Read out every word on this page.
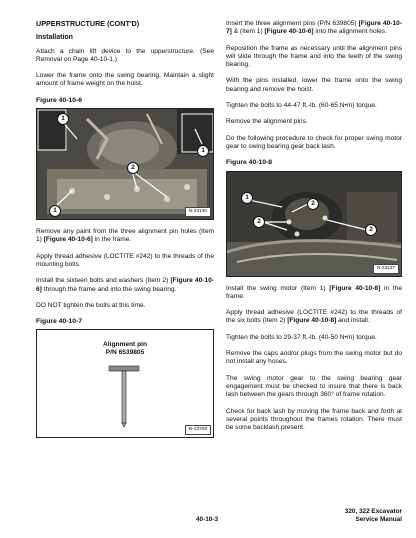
UPPERSTRUCTURE (CONT'D)
Installation

Attach a chain lift device to the upperstructure. (See Removal on Page 40-10-1.)

Lower the frame onto the swing bearing. Maintain a slight amount of frame weight on the hoist.

Figure 40-10-6
1
1
1
2
N-23130

Remove any paint from the three alignment pin holes (Item 1) [Figure 40-10-6] in the frame.

Apply thread adhesive (LOCTITE #242) to the threads of the mounting bolts.

Install the sixteen bolts and washers (Item 2) [Figure 40-10-6] through the frame and into the swing bearing.

DO NOT tighten the bolts at this time.

Figure 40-10-7
Alignment pin
P/N 6539805
B-13708

Insert the three alignment pins (P/N 639805) [Figure 40-10-7] & (Item 1) [Figure 40-10-6] into the alignment holes.

Reposition the frame as necessary until the alignment pins will slide through the frame and into the teeth of the swing bearing.

With the pins installed, lower the frame onto the swing bearing and remove the hoist.

Tighten the bolts to 44-47 ft.-lb. (60-65 N•m) torque.

Remove the alignment pins.

Do the following procedure to check for proper swing motor gear to swing bearing gear back lash.

Figure 40-10-8
1
2
2
2
N-23127

Install the swing motor (Item 1) [Figure 40-10-8] in the frame.

Apply thread adhesive (LOCTITE #242) to the threads of the six bolts (Item 2) [Figure 40-10-8] and install.

Tighten the bolts to 29-37 ft.-lb. (40-50 N•m) torque.

Remove the caps and/or plugs from the swing motor but do not install any hoses.

The swing motor gear to the swing bearing gear engagement must be checked to insure that there is back lash between the gears through 360° of frame rotation.

Check for back lash by moving the frame back and forth at several points throughout the frames rotation. There must be some backlash present.

40-10-3
320, 322 Excavator
Service Manual
